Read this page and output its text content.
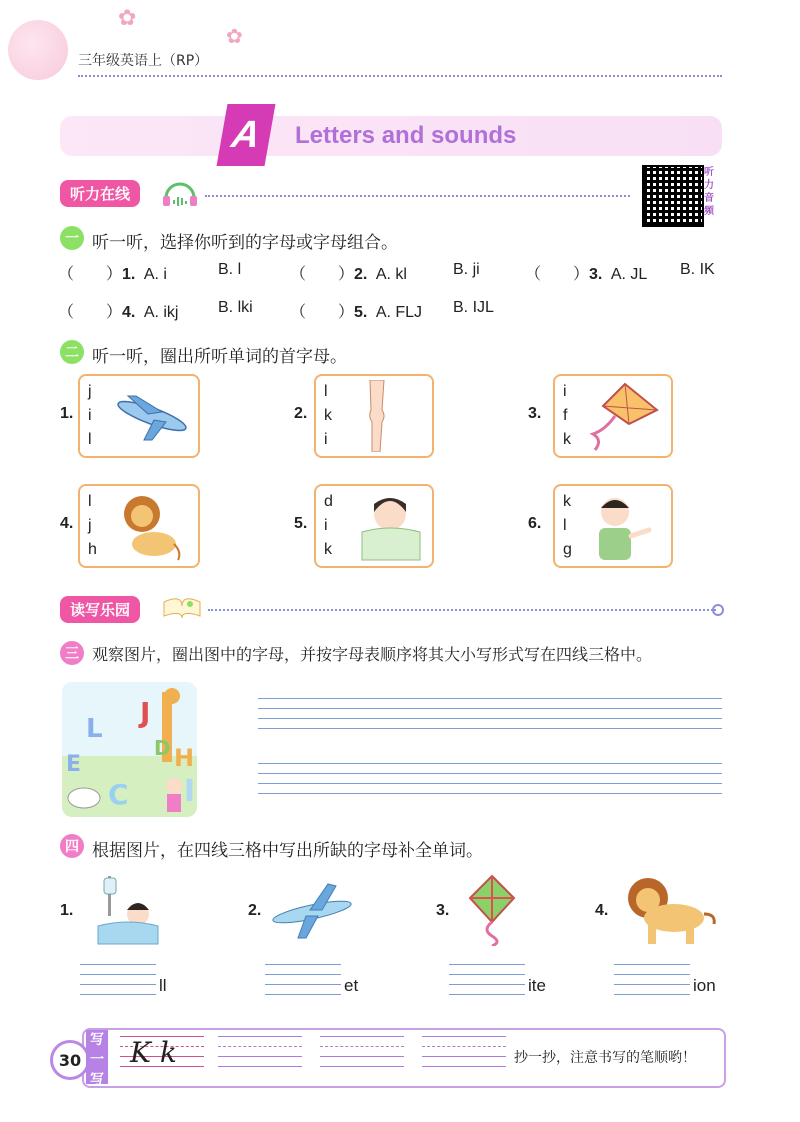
✿
✿
三年级英语上（RP）
A	Letters and sounds
听力在线
听力音频
一 听一听，选择你听到的字母或字母组合。
（　　）1. A. i	B. l	（　　）2. A. kl	B. ji	（　　）3. A. JL B. IK
（　　）4. A. ikj B. lki （　　）5. A. FLJ B. IJL
二 听一听，圈出所听单词的首字母。
1.
j
i
l
2.
l
k
i
3.
i
f
k
4.
l
j
h
5.
d
i
k
6.
k
l
g
读写乐园
三 观察图片，圈出图中的字母，并按字母表顺序将其大小写形式写在四线三格中。
L J
E
D H
C I
四 根据图片，在四线三格中写出所缺的字母补全单词。
1.
ll
2.
et
3.
ite
4.
ion
30
写一写
K k	抄一抄，注意书写的笔顺哟！
